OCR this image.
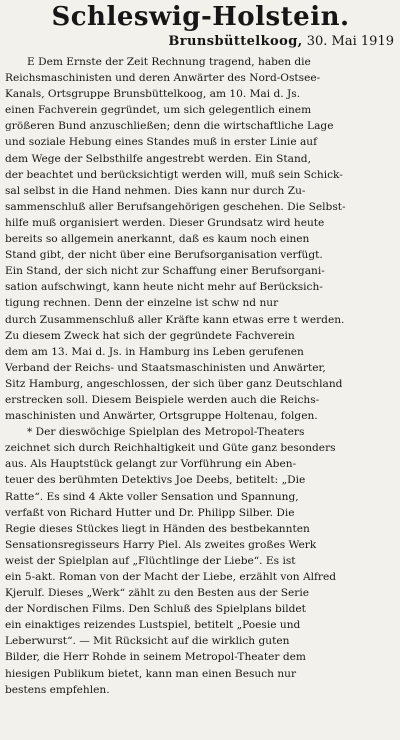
Schleswig-Holstein.
Brunsbüttelkoog, 30. Mai 1919
E Dem Ernste der Zeit Rechnung tragend, haben die
Reichsmaschinisten und deren Anwärter des Nord-Ostsee-
Kanals, Ortsgruppe Brunsbüttelkoog, am 10. Mai d. Js.
einen Fachverein gegründet, um sich gelegentlich einem
größeren Bund anzuschließen; denn die wirtschaftliche Lage
und soziale Hebung eines Standes muß in erster Linie auf
dem Wege der Selbsthilfe angestrebt werden. Ein Stand,
der beachtet und berücksichtigt werden will, muß sein Schick-
sal selbst in die Hand nehmen. Dies kann nur durch Zu-
sammenschluß aller Berufsangehörigen geschehen. Die Selbst-
hilfe muß organisiert werden. Dieser Grundsatz wird heute
bereits so allgemein anerkannt, daß es kaum noch einen
Stand gibt, der nicht über eine Berufsorganisation verfügt.
Ein Stand, der sich nicht zur Schaffung einer Berufsorgani-
sation aufschwingt, kann heute nicht mehr auf Berücksich-
tigung rechnen. Denn der einzelne ist schw nd nur
durch Zusammenschluß aller Kräfte kann etwas erre t werden.
Zu diesem Zweck hat sich der gegründete Fachverein
dem am 13. Mai d. Js. in Hamburg ins Leben gerufenen
Verband der Reichs- und Staatsmaschinisten und Anwärter,
Sitz Hamburg, angeschlossen, der sich über ganz Deutschland
erstrecken soll. Diesem Beispiele werden auch die Reichs-
maschinisten und Anwärter, Ortsgruppe Holtenau, folgen.
* Der dieswöchige Spielplan des Metropol-Theaters
zeichnet sich durch Reichhaltigkeit und Güte ganz besonders
aus. Als Hauptstück gelangt zur Vorführung ein Aben-
teuer des berühmten Detektivs Joe Deebs, betitelt: „Die
Ratte“. Es sind 4 Akte voller Sensation und Spannung,
verfaßt von Richard Hutter und Dr. Philipp Silber. Die
Regie dieses Stückes liegt in Händen des bestbekannten
Sensationsregisseurs Harry Piel. Als zweites großes Werk
weist der Spielplan auf „Flüchtlinge der Liebe“. Es ist
ein 5-akt. Roman von der Macht der Liebe, erzählt von Alfred
Kjerulf. Dieses „Werk“ zählt zu den Besten aus der Serie
der Nordischen Films. Den Schluß des Spielplans bildet
ein einaktiges reizendes Lustspiel, betitelt „Poesie und
Leberwurst“. — Mit Rücksicht auf die wirklich guten
Bilder, die Herr Rohde in seinem Metropol-Theater dem
hiesigen Publikum bietet, kann man einen Besuch nur
bestens empfehlen.
